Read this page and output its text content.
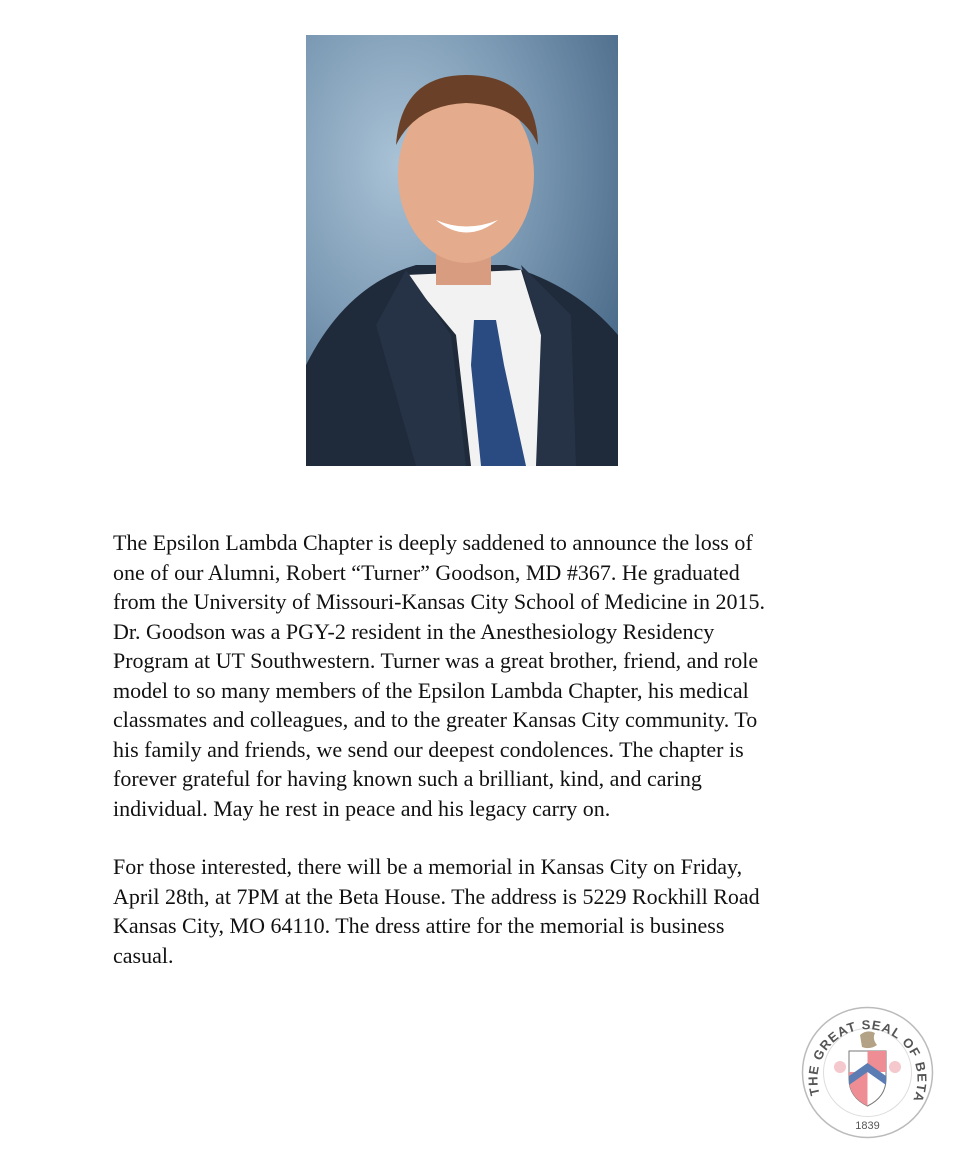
The Epsilon Lambda Chapter is deeply saddened to announce the loss of
one of our Alumni, Robert “Turner” Goodson, MD #367. He graduated
from the University of Missouri-Kansas City School of Medicine in 2015.
Dr. Goodson was a PGY-2 resident in the Anesthesiology Residency
Program at UT Southwestern. Turner was a great brother, friend, and role
model to so many members of the Epsilon Lambda Chapter, his medical
classmates and colleagues, and to the greater Kansas City community. To
his family and friends, we send our deepest condolences. The chapter is
forever grateful for having known such a brilliant, kind, and caring
individual. May he rest in peace and his legacy carry on.
For those interested, there will be a memorial in Kansas City on Friday,
April 28th, at 7PM at the Beta House. The address is 5229 Rockhill Road
Kansas City, MO 64110. The dress attire for the memorial is business
casual.
THE GREAT SEAL OF BETA
1839
